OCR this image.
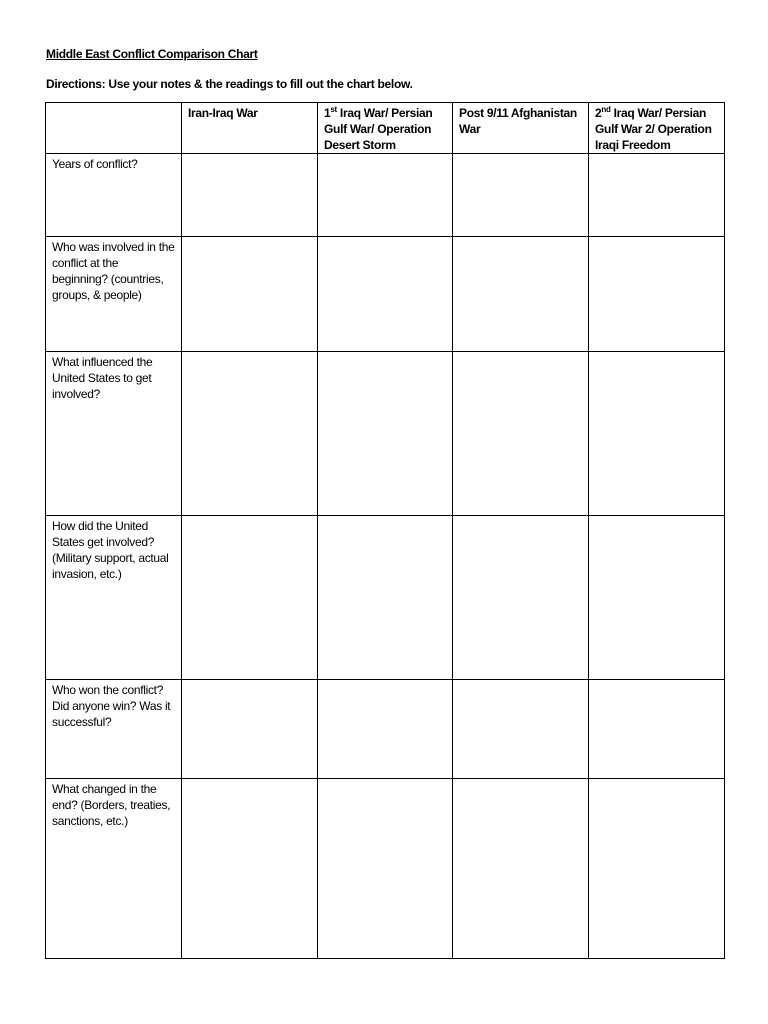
Middle East Conflict Comparison Chart
Directions: Use your notes & the readings to fill out the chart below.
	Iran-Iraq War	1st Iraq War/ Persian Gulf War/ Operation Desert Storm	Post 9/11 Afghanistan War	2nd Iraq War/ Persian Gulf War 2/ Operation Iraqi Freedom
Years of conflict?				
Who was involved in the conflict at the beginning? (countries, groups, & people)				
What influenced the United States to get involved?				
How did the United States get involved? (Military support, actual invasion, etc.)				
Who won the conflict? Did anyone win? Was it successful?				
What changed in the end? (Borders, treaties, sanctions, etc.)				
